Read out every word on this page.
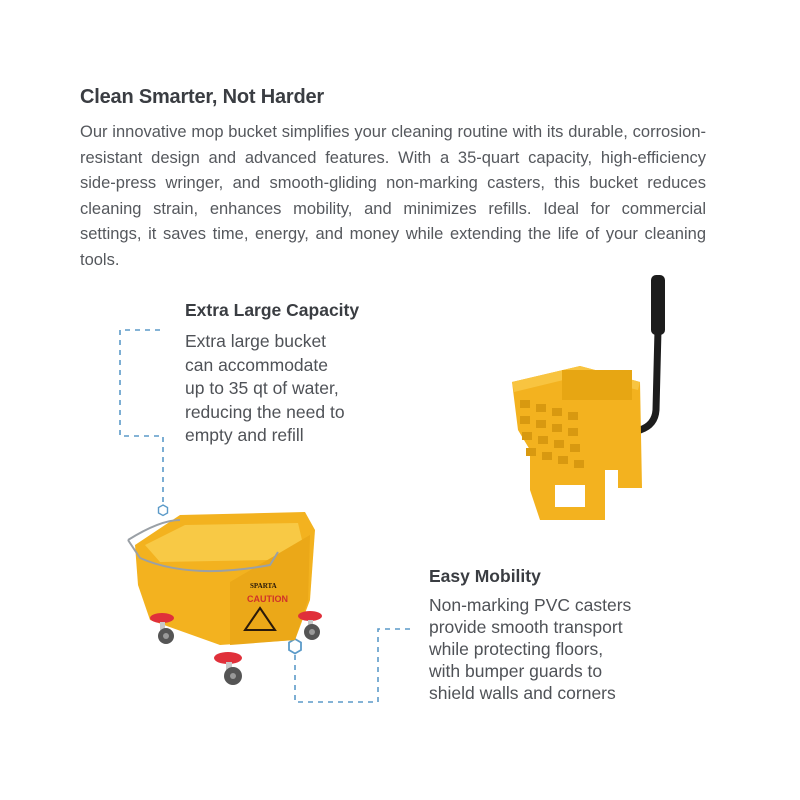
Clean Smarter, Not Harder
Our innovative mop bucket simplifies your cleaning routine with its durable, corrosion-resistant design and advanced features. With a 35-quart capacity, high-efficiency side-press wringer, and smooth-gliding non-marking casters, this bucket reduces cleaning strain, enhances mobility, and minimizes refills. Ideal for commercial settings, it saves time, energy, and money while extending the life of your cleaning tools.
Extra Large Capacity
Extra large bucket
can accommodate
up to 35 qt of water,
reducing the need to
empty and refill
Easy Mobility
Non-marking PVC casters
provide smooth transport
while protecting floors,
with bumper guards to
shield walls and corners
SPARTA
CAUTION
